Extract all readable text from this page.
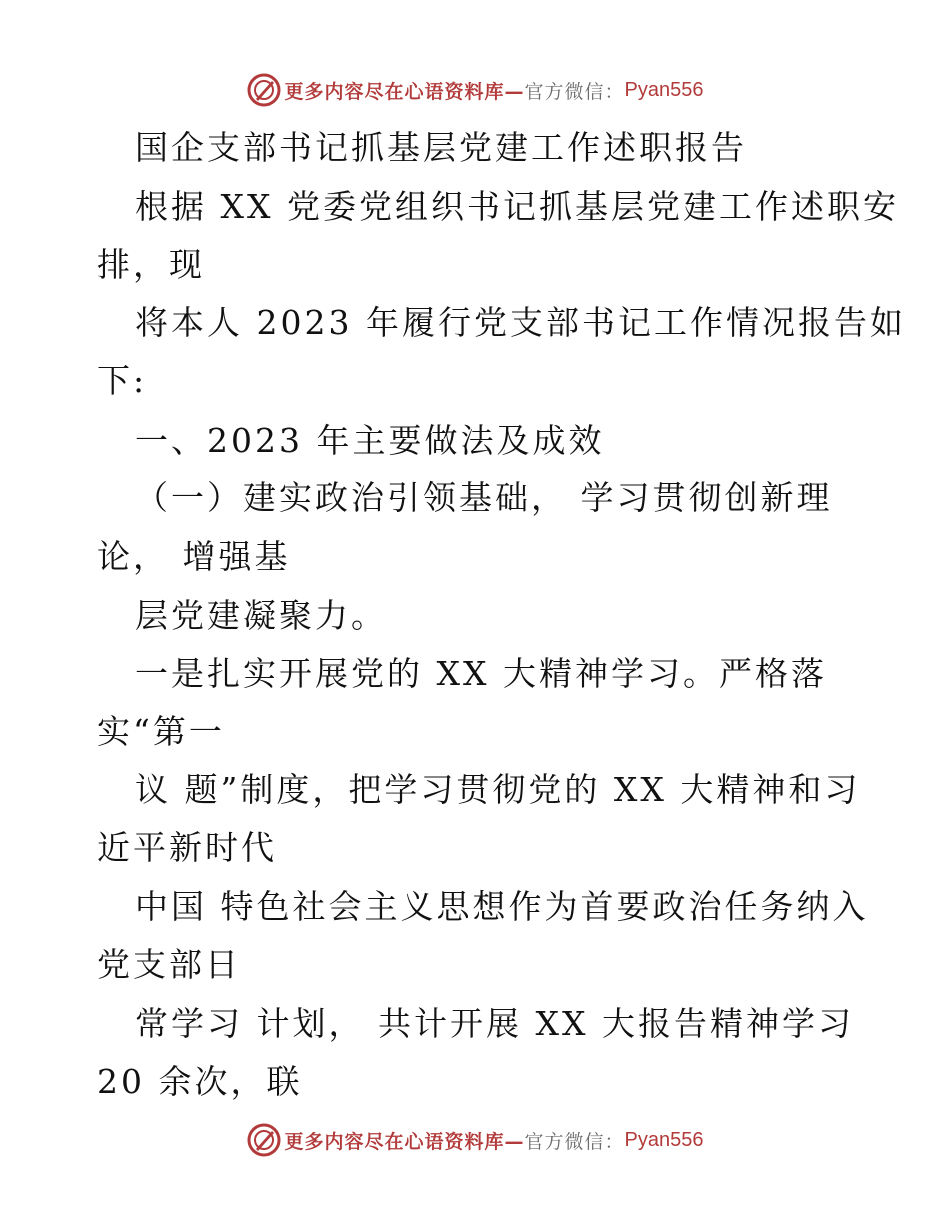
更多内容尽在心语资料库— 官方微信： Pyan556
国企支部书记抓基层党建工作述职报告
根据 XX 党委党组织书记抓基层党建工作述职安
排，现
将本人 2023 年履行党支部书记工作情况报告如
下:
一、2023 年主要做法及成效
（一）建实政治引领基础， 学习贯彻创新理
论， 增强基
层党建凝聚力。
一是扎实开展党的 XX 大精神学习。严格落
实“第一
议 题”制度，把学习贯彻党的 XX 大精神和习
近平新时代
中国 特色社会主义思想作为首要政治任务纳入
党支部日
常学习 计划， 共计开展 XX 大报告精神学习
20 余次，联
更多内容尽在心语资料库— 官方微信： Pyan556
